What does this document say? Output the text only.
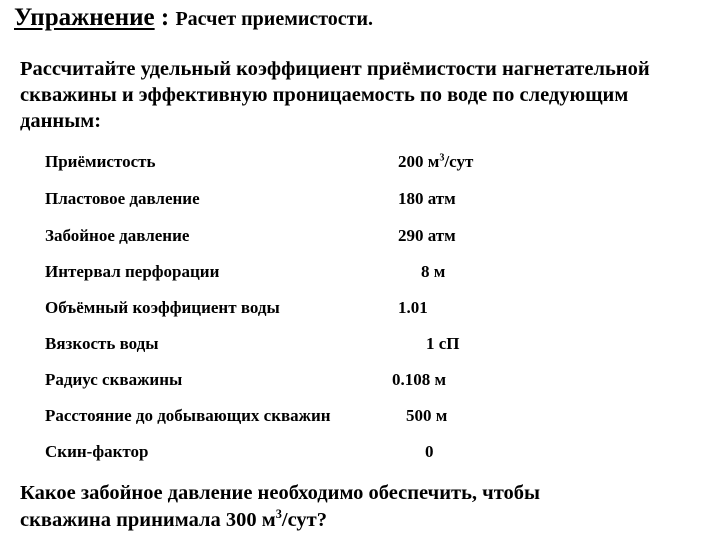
Упражнение : Расчет приемистости.
Рассчитайте удельный коэффициент приёмистости нагнетательной скважины и эффективную проницаемость по воде по следующим данным:
Приёмистость	200 $м^3$/сут
Пластовое давление	180 атм
Забойное давление	290 атм
Интервал перфорации	8 м
Объёмный коэффициент воды	1.01
Вязкость воды	1 сП
Радиус скважины	0.108 м
Расстояние до добывающих скважин	500 м
Скин-фактор	0
Какое забойное давление необходимо обеспечить, чтобы
скважина принимала 300 $м^3$/сут?
